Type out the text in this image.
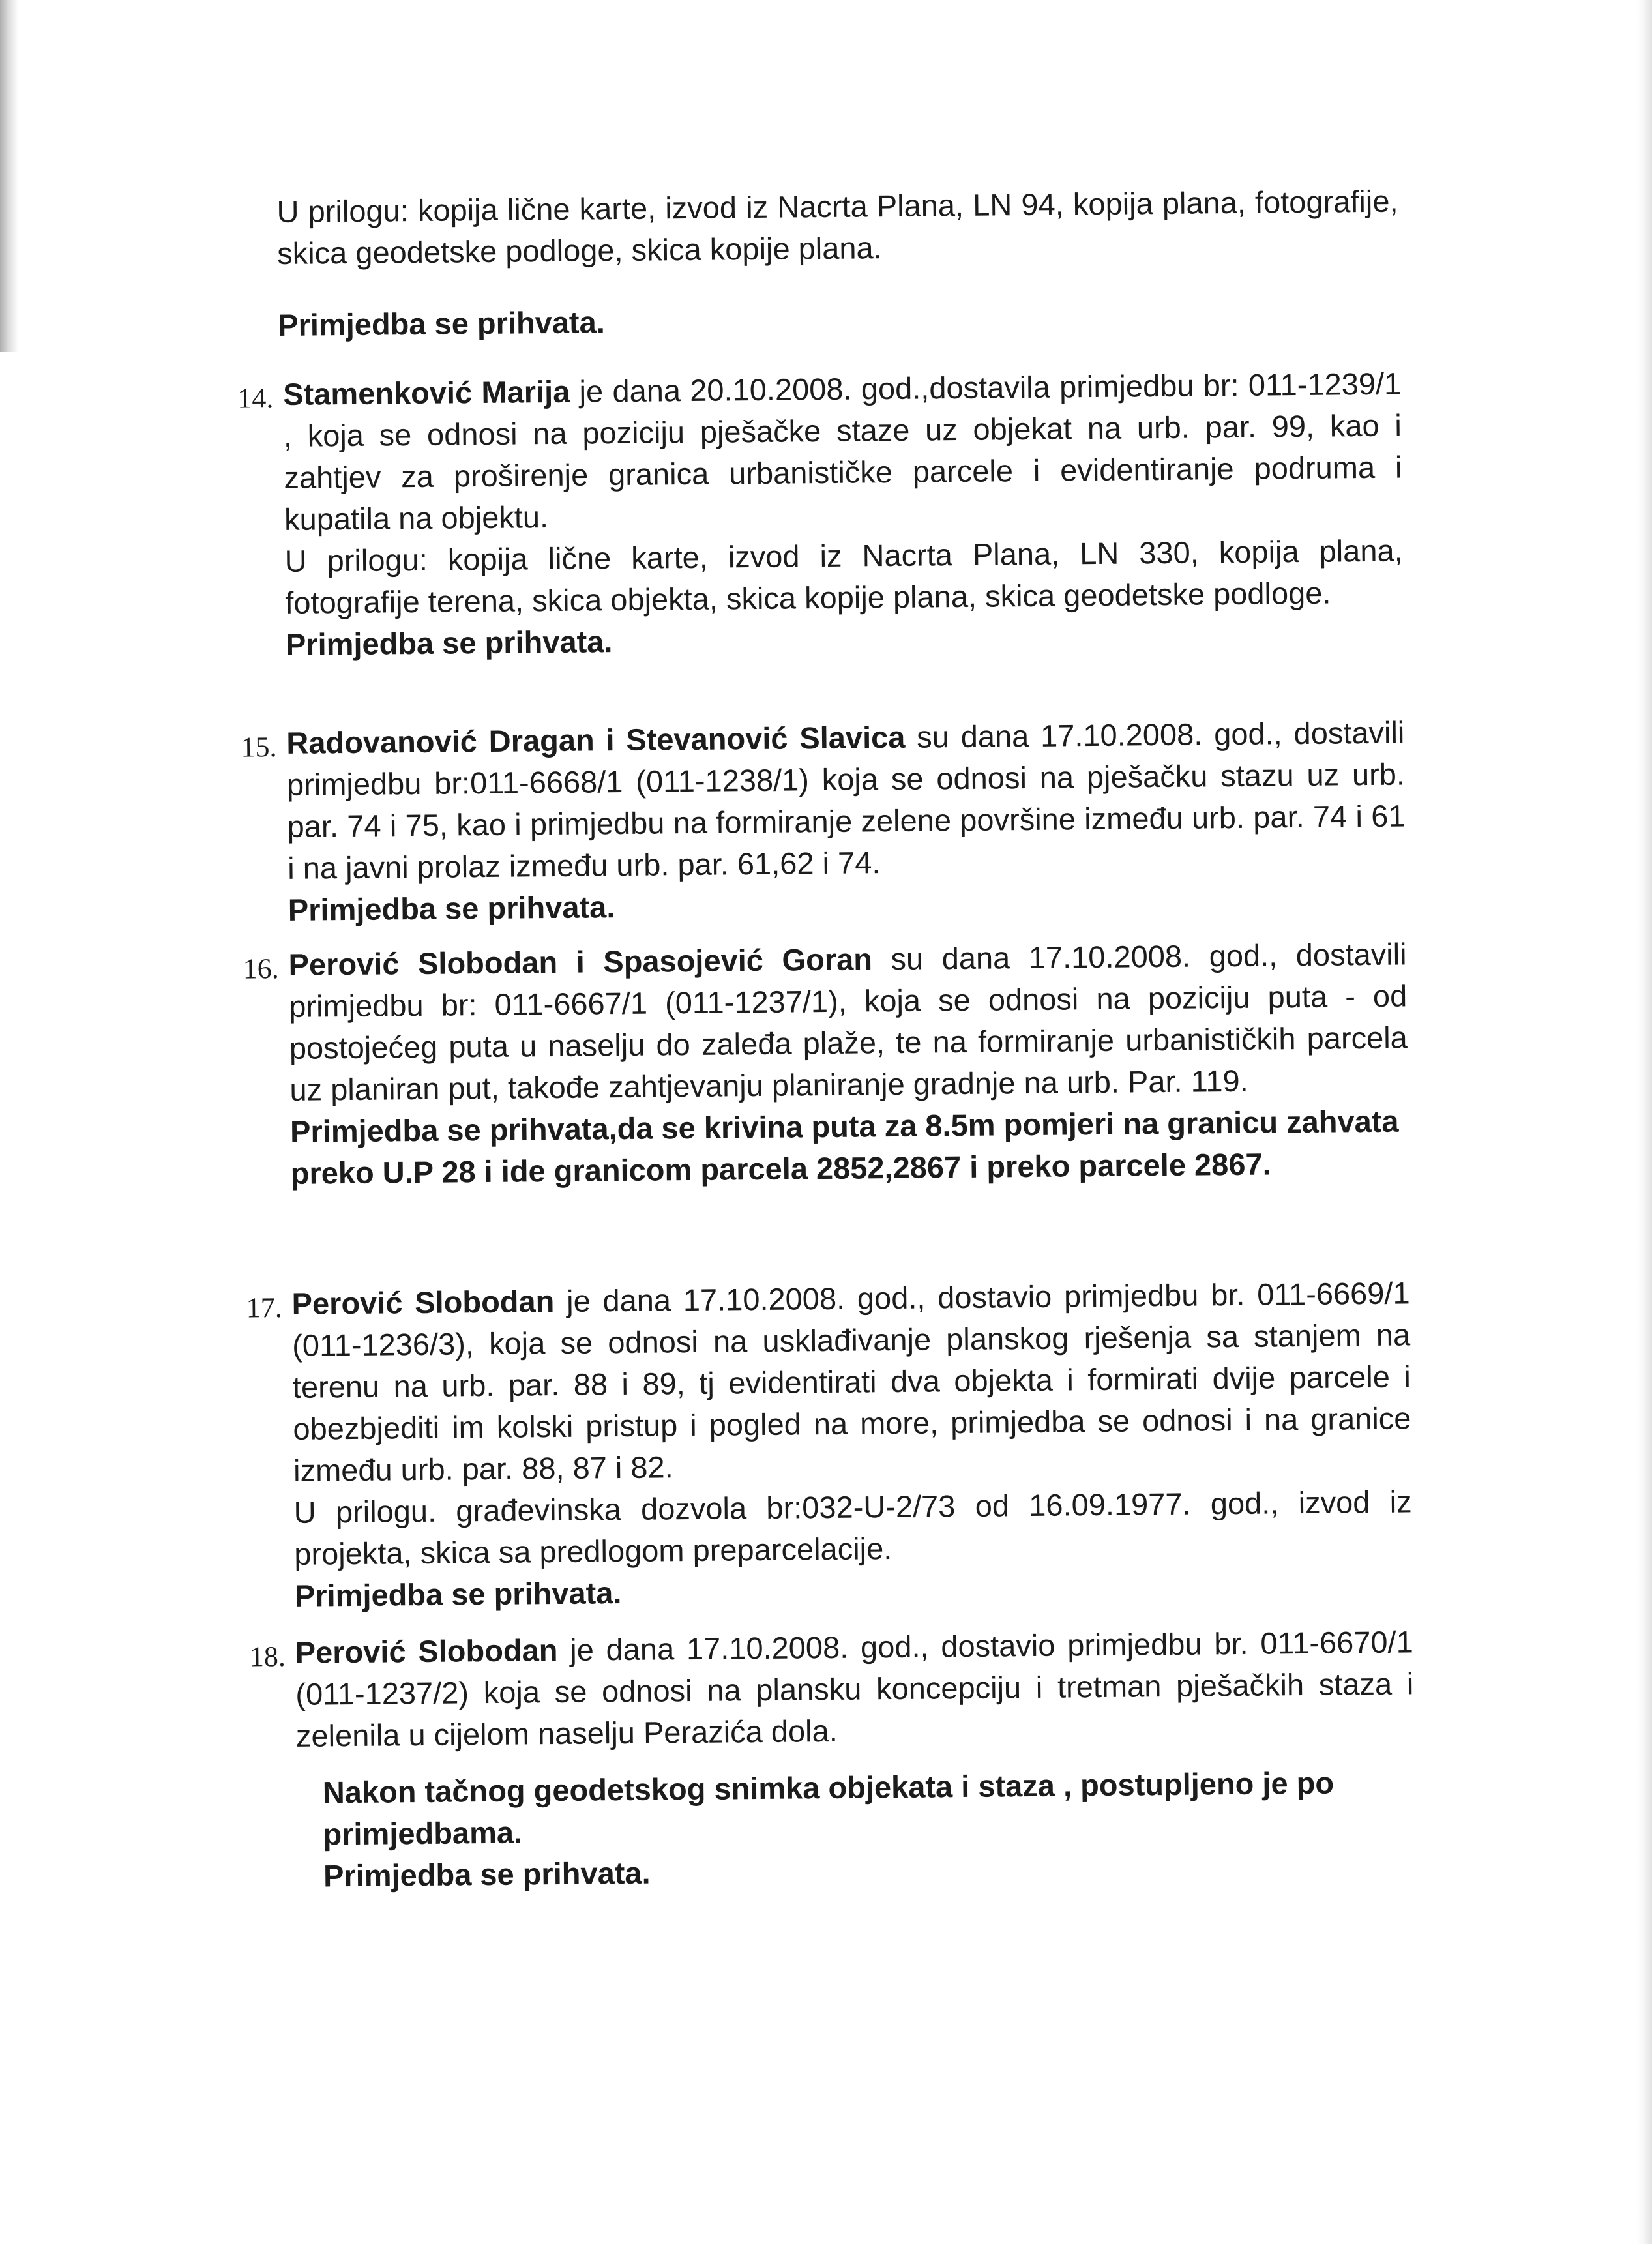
U prilogu: kopija lične karte, izvod iz Nacrta Plana, LN 94, kopija plana, fotografije, skica geodetske podloge, skica kopije plana.
Primjedba se prihvata.
14. Stamenković Marija je dana 20.10.2008. god.,dostavila primjedbu br: 011-1239/1 , koja se odnosi na poziciju pješačke staze uz objekat na urb. par. 99, kao i zahtjev za proširenje granica urbanističke parcele i evidentiranje podruma i kupatila na objektu.
U prilogu: kopija lične karte, izvod iz Nacrta Plana, LN 330, kopija plana, fotografije terena, skica objekta, skica kopije plana, skica geodetske podloge.
Primjedba se prihvata.
15. Radovanović Dragan i Stevanović Slavica su dana 17.10.2008. god., dostavili primjedbu br:011-6668/1 (011-1238/1) koja se odnosi na pješačku stazu uz urb. par. 74 i 75, kao i primjedbu na formiranje zelene površine između urb. par. 74 i 61 i na javni prolaz između urb. par. 61,62 i 74.
Primjedba se prihvata.
16. Perović Slobodan i Spasojević Goran su dana 17.10.2008. god., dostavili primjedbu br: 011-6667/1 (011-1237/1), koja se odnosi na poziciju puta - od postojećeg puta u naselju do zaleđa plaže, te na formiranje urbanističkih parcela uz planiran put, takođe zahtjevanju planiranje gradnje na urb. Par. 119.
Primjedba se prihvata,da se krivina puta za 8.5m pomjeri na granicu zahvata preko U.P 28 i ide granicom parcela 2852,2867 i preko parcele 2867.
17. Perović Slobodan je dana 17.10.2008. god., dostavio primjedbu br. 011-6669/1 (011-1236/3), koja se odnosi na usklađivanje planskog rješenja sa stanjem na terenu na urb. par. 88 i 89, tj evidentirati dva objekta i formirati dvije parcele i obezbjediti im kolski pristup i pogled na more, primjedba se odnosi i na granice između urb. par. 88, 87 i 82.
U prilogu. građevinska dozvola br:032-U-2/73 od 16.09.1977. god., izvod iz projekta, skica sa predlogom preparcelacije.
Primjedba se prihvata.
18. Perović Slobodan je dana 17.10.2008. god., dostavio primjedbu br. 011-6670/1 (011-1237/2) koja se odnosi na plansku koncepciju i tretman pješačkih staza i zelenila u cijelom naselju Perazića dola.
Nakon tačnog geodetskog snimka objekata i staza , postupljeno je po primjedbama.
Primjedba se prihvata.
